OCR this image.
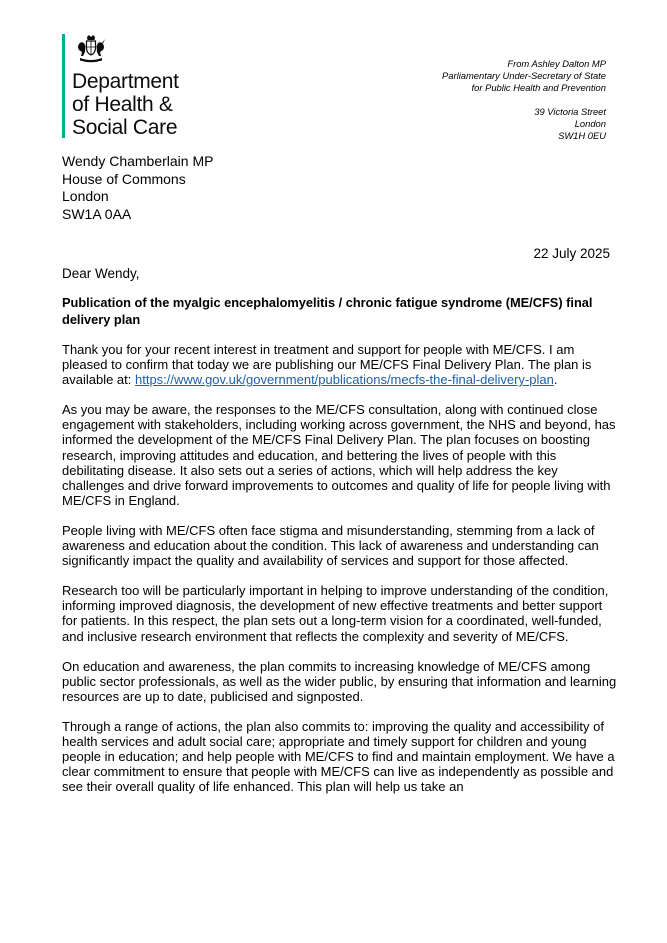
Department
of Health &
Social Care
From Ashley Dalton MP
Parliamentary Under-Secretary of State
for Public Health and Prevention
39 Victoria Street
London
SW1H 0EU
Wendy Chamberlain MP
House of Commons
London
SW1A 0AA
22 July 2025
Dear Wendy,
Publication of the myalgic encephalomyelitis / chronic fatigue syndrome (ME/CFS) final delivery plan

Thank you for your recent interest in treatment and support for people with ME/CFS. I am pleased to confirm that today we are publishing our ME/CFS Final Delivery Plan. The plan is available at: https://www.gov.uk/government/publications/mecfs-the-final-delivery-plan.

As you may be aware, the responses to the ME/CFS consultation, along with continued close engagement with stakeholders, including working across government, the NHS and beyond, has informed the development of the ME/CFS Final Delivery Plan. The plan focuses on boosting research, improving attitudes and education, and bettering the lives of people with this debilitating disease. It also sets out a series of actions, which will help address the key challenges and drive forward improvements to outcomes and quality of life for people living with ME/CFS in England.

People living with ME/CFS often face stigma and misunderstanding, stemming from a lack of awareness and education about the condition. This lack of awareness and understanding can significantly impact the quality and availability of services and support for those affected.

Research too will be particularly important in helping to improve understanding of the condition, informing improved diagnosis, the development of new effective treatments and better support for patients. In this respect, the plan sets out a long-term vision for a coordinated, well-funded, and inclusive research environment that reflects the complexity and severity of ME/CFS.

On education and awareness, the plan commits to increasing knowledge of ME/CFS among public sector professionals, as well as the wider public, by ensuring that information and learning resources are up to date, publicised and signposted.

Through a range of actions, the plan also commits to: improving the quality and accessibility of health services and adult social care; appropriate and timely support for children and young people in education; and help people with ME/CFS to find and maintain employment. We have a clear commitment to ensure that people with ME/CFS can live as independently as possible and see their overall quality of life enhanced. This plan will help us take an
